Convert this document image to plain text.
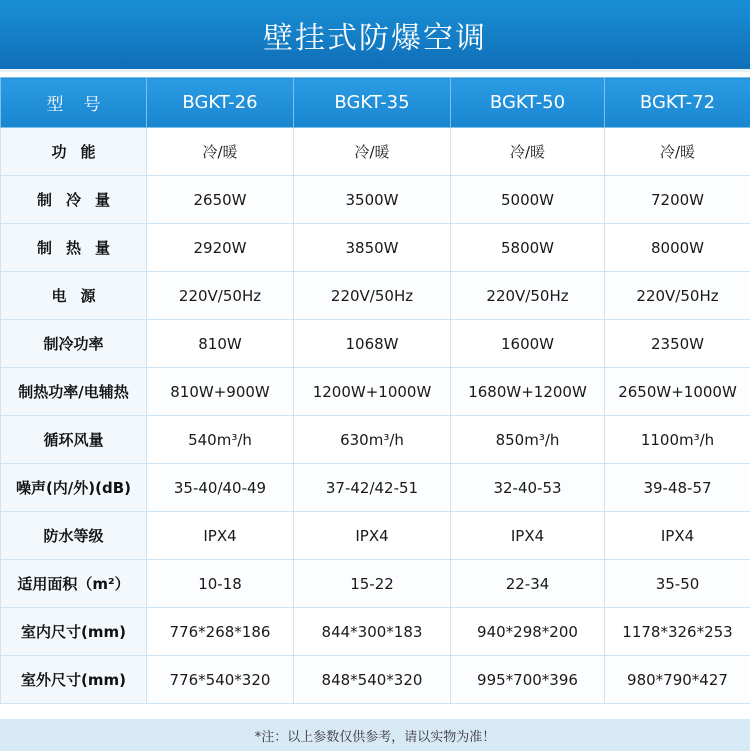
壁挂式防爆空调
型号	BGKT-26	BGKT-35	BGKT-50	BGKT-72
功能	冷/暖	冷/暖	冷/暖	冷/暖
制冷量	2650W	3500W	5000W	7200W
制热量	2920W	3850W	5800W	8000W
电源	220V/50Hz	220V/50Hz	220V/50Hz	220V/50Hz
制冷功率	810W	1068W	1600W	2350W
制热功率/电辅热	810W+900W	1200W+1000W	1680W+1200W	2650W+1000W
循环风量	540m³/h	630m³/h	850m³/h	1100m³/h
噪声(内/外)(dB)	35-40/40-49	37-42/42-51	32-40-53	39-48-57
防水等级	IPX4	IPX4	IPX4	IPX4
适用面积（m²）	10-18	15-22	22-34	35-50
室内尺寸(mm)	776*268*186	844*300*183	940*298*200	1178*326*253
室外尺寸(mm)	776*540*320	848*540*320	995*700*396	980*790*427
*注：以上参数仅供参考，请以实物为准！
